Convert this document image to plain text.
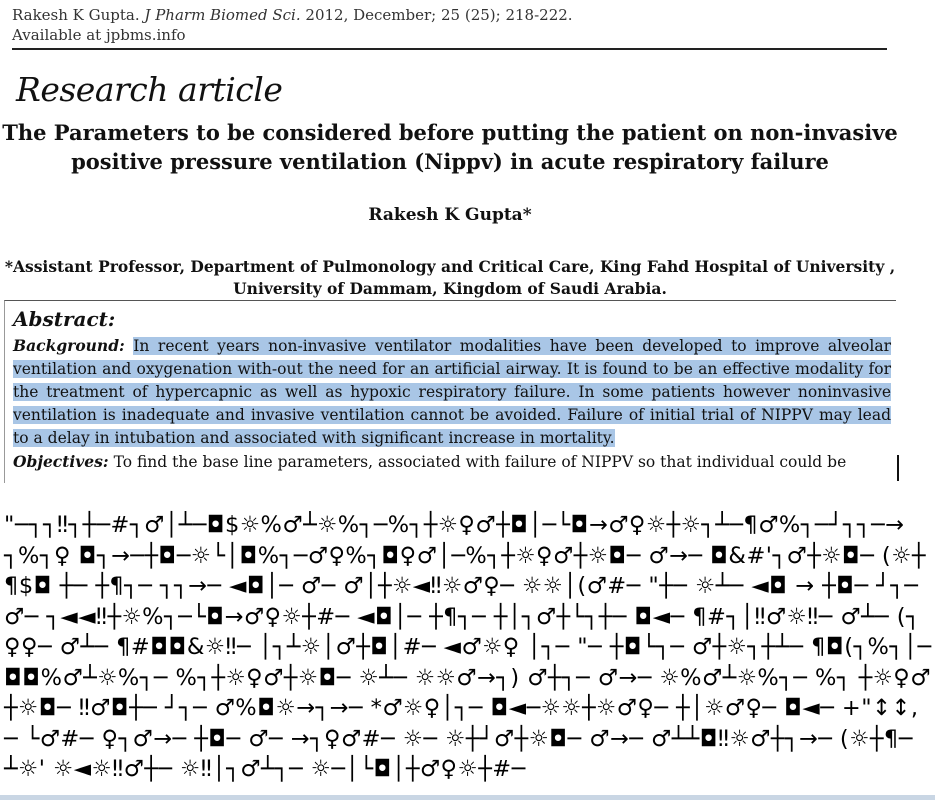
Rakesh K Gupta. J Pharm Biomed Sci. 2012, December; 25 (25); 218-222.
Available at jpbms.info
Research article
The Parameters to be considered before putting the patient on non-invasive positive pressure ventilation (Nippv) in acute respiratory failure
Rakesh K Gupta*
*Assistant Professor, Department of Pulmonology and Critical Care, King Fahd Hospital of University , University of Dammam, Kingdom of Saudi Arabia.
Abstract:
Background: In recent years non-invasive ventilator modalities have been developed to improve alveolar ventilation and oxygenation with-out the need for an artificial airway. It is found to be an effective modality for the treatment of hypercapnic as well as hypoxic respiratory failure. In some patients however noninvasive ventilation is inadequate and invasive ventilation cannot be avoided. Failure of initial trial of NIPPV may lead to a delay in intubation and associated with significant increase in mortality.
Objectives: To find the base line parameters, associated with failure of NIPPV so that individual could be
"─┐┐‼┐┼─#┐♂│┴─◘$☼%♂┴☼%┐─%┐┼☼♀♂┼◘│─└◘→♂♀☼┼☼┐┴─¶♂%┐─┘┐┐─→┐%┐♀ ◘┐→─┼◘─☼└│◘%┐─♂♀%┐◘♀♂│─%┐┼☼♀♂┼☼◘─ ♂→─ ◘&#'┐♂┼☼◘─ (☼┼¶$◘ ┼─ ┼¶┐─ ┐┐→─ ◄◘│─ ♂─ ♂│┼☼◄‼☼♂♀─ ☼☼│(♂#─ "┼─ ☼┴─ ◄◘ → ┼◘─ ┘┐─ ♂─ ┐◄◄‼┼☼%┐─└◘→♂♀☼┼#─ ◄◘│─ ┼¶┐─ ┼│┐♂┼└┐┼─ ◘◄─ ¶#┐│‼♂☼‼─ ♂┴─ (┐♀♀─ ♂┴─ ¶#◘◘&☼‼─ │┐┴☼│♂┼◘│#─ ◄♂☼♀ │┐─ "─ ┼◘└┐─ ♂┼☼┐┼┴─ ¶◘(┐%┐│─ ◘◘%♂┴☼%┐─ %┐┼☼♀♂┼☼◘─ ☼┴─ ☼☼♂→┐) ♂┼┐─ ♂→─ ☼%♂┴☼%┐─ %┐ ┼☼♀♂┼☼◘─ ‼♂◘┼─ ┘┐─ ♂%◘☼→┐→─ *♂☼♀│┐─ ◘◄─☼☼┼☼♂♀─ ┼│☼♂♀─ ◘◄─ +"↕↕,─ └♂#─ ♀┐♂→─ ┼◘─ ♂─ →┐♀♂#─ ☼─ ☼┼┘♂┼☼◘─ ♂→─ ♂┴┴◘‼☼♂┼┐→─ (☼┼¶─ ┴☼' ☼◄☼‼♂┼─ ☼‼│┐♂┴┐─ ☼─│└◘│┼♂♀☼┼#─
